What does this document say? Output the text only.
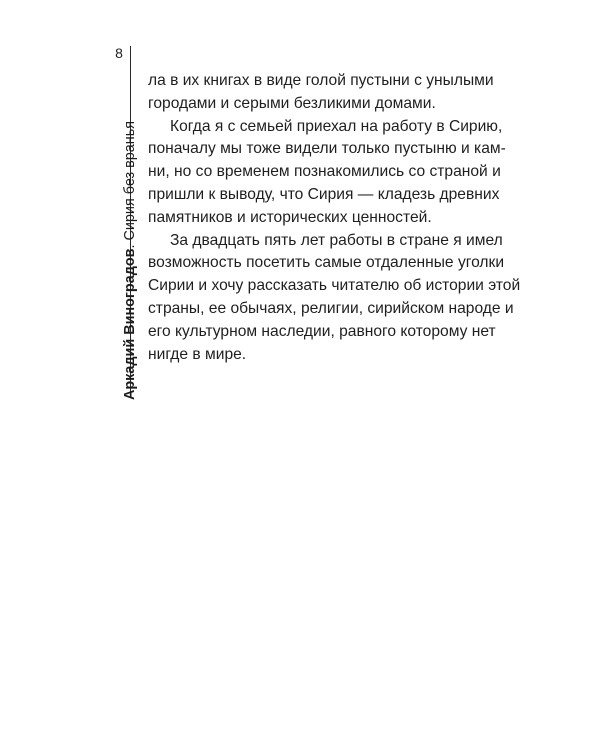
8
Аркадий Виноградов. Сирия без вранья
ла в их книгах в виде голой пустыни с унылыми
городами и серыми безликими домами.
Когда я с семьей приехал на работу в Сирию,
поначалу мы тоже видели только пустыню и кам-
ни, но со временем познакомились со страной и
пришли к выводу, что Сирия — кладезь древних
памятников и исторических ценностей.
За двадцать пять лет работы в стране я имел
возможность посетить самые отдаленные уголки
Сирии и хочу рассказать читателю об истории этой
страны, ее обычаях, религии, сирийском народе и
его культурном наследии, равного которому нет
нигде в мире.
